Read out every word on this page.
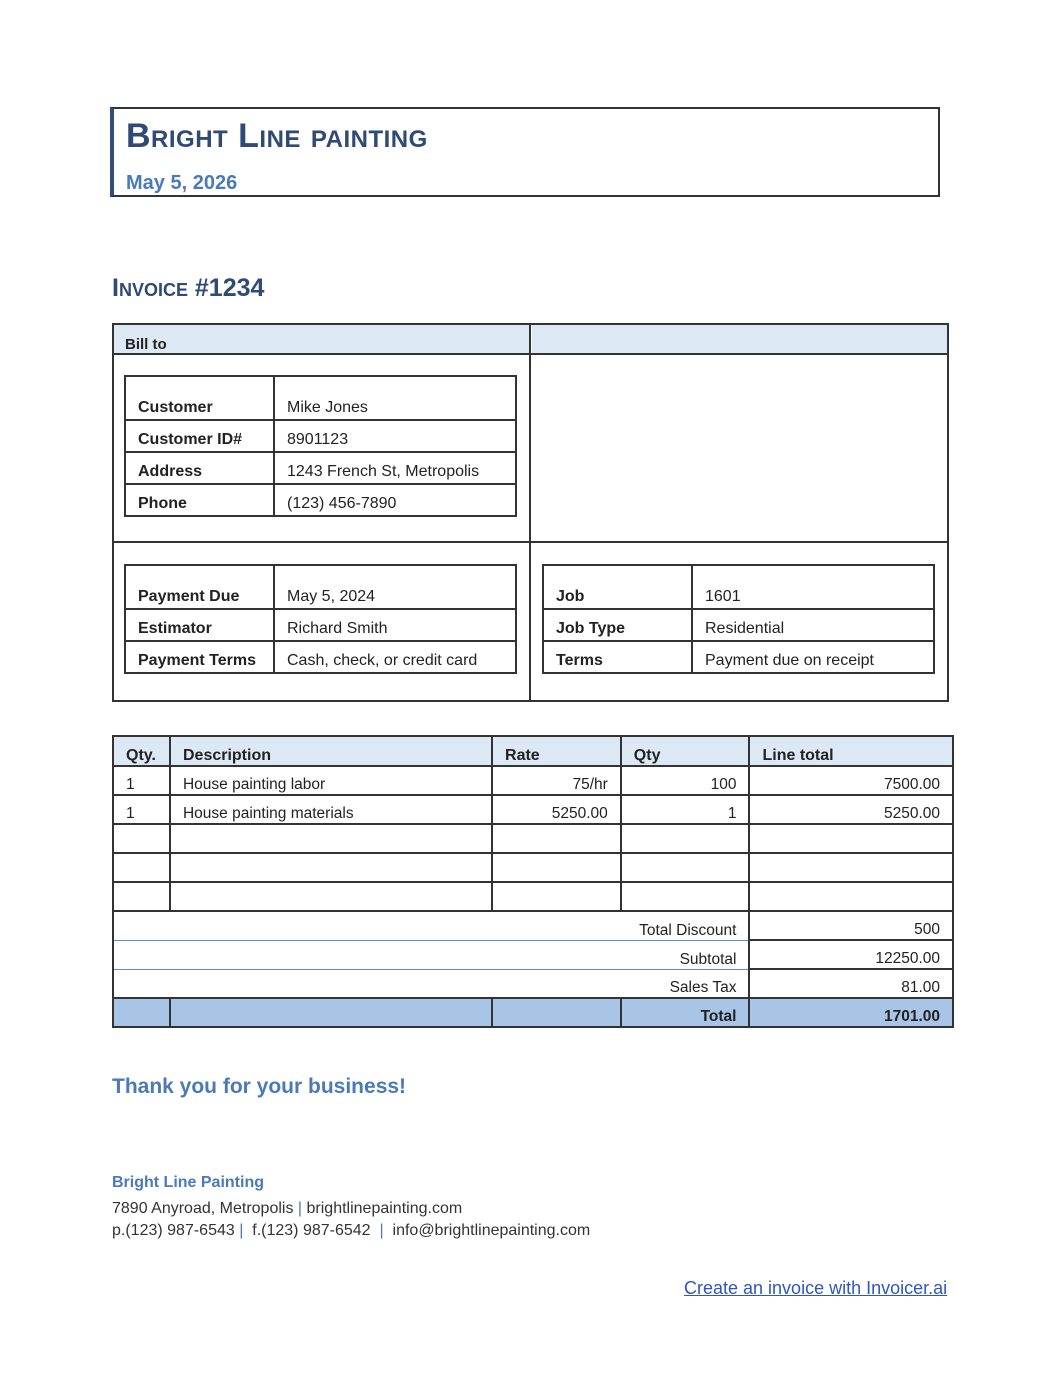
Bright Line painting
May 5, 2026
Invoice #1234
Bill to
Customer	Mike Jones
Customer ID#	8901123
Address	1243 French St, Metropolis
Phone	(123) 456-7890
Payment Due	May 5, 2024
Estimator	Richard Smith
Payment Terms	Cash, check, or credit card
Job	1601
Job Type	Residential
Terms	Payment due on receipt
Qty.	Description	Rate	Qty	Line total
1	House painting labor	75/hr	100	7500.00
1	House painting materials	5250.00	1	5250.00

Total Discount				500
Subtotal				12250.00
Sales Tax				81.00
			Total	1701.00
Thank you for your business!
Bright Line Painting
7890 Anyroad, Metropolis | brightlinepainting.com
p.(123) 987-6543 | f.(123) 987-6542 | info@brightlinepainting.com
Create an invoice with Invoicer.ai
